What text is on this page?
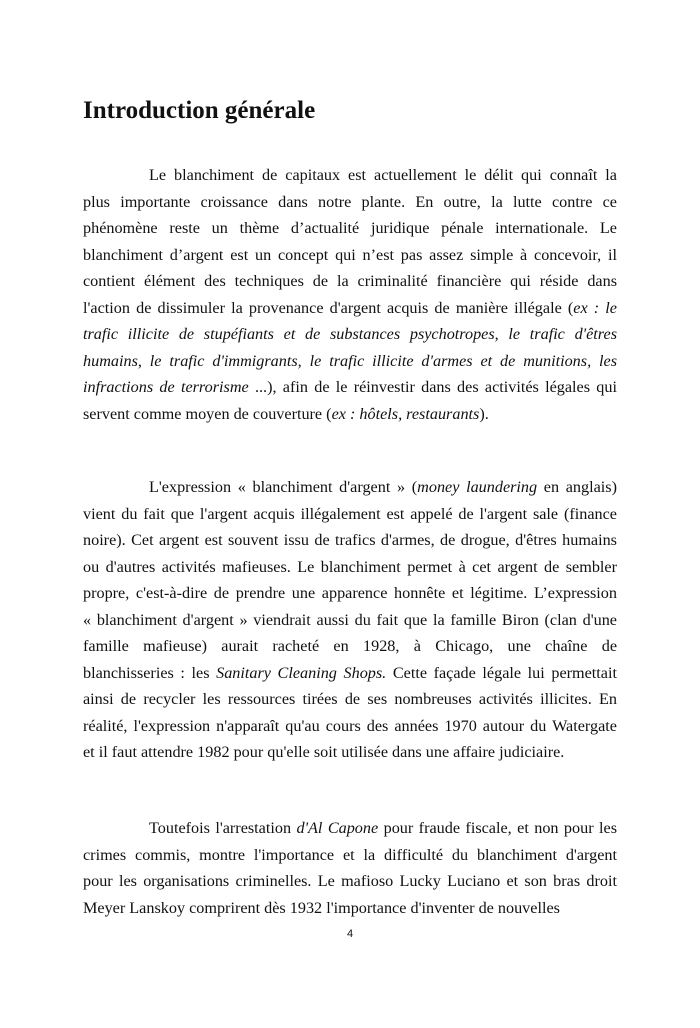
Introduction générale
Le blanchiment de capitaux est actuellement le délit qui connaît la
plus importante croissance dans notre plante. En outre, la lutte contre ce
phénomène reste un thème d’actualité juridique pénale internationale. Le
blanchiment d’argent est un concept qui n’est pas assez simple à concevoir, il
contient élément des techniques de la criminalité financière qui réside dans
l'action de dissimuler la provenance d'argent acquis de manière illégale (ex : le
trafic illicite de stupéfiants et de substances psychotropes, le trafic d'êtres
humains, le trafic d'immigrants, le trafic illicite d'armes et de munitions, les
infractions de terrorisme ...), afin de le réinvestir dans des activités légales qui
servent comme moyen de couverture (ex : hôtels, restaurants).
L'expression « blanchiment d'argent » (money laundering en anglais)
vient du fait que l'argent acquis illégalement est appelé de l'argent sale (finance
noire). Cet argent est souvent issu de trafics d'armes, de drogue, d'êtres humains
ou d'autres activités mafieuses. Le blanchiment permet à cet argent de sembler
propre, c'est-à-dire de prendre une apparence honnête et légitime. L’expression
« blanchiment d'argent » viendrait aussi du fait que la famille Biron (clan d'une
famille mafieuse) aurait racheté en 1928, à Chicago, une chaîne de
blanchisseries : les Sanitary Cleaning Shops. Cette façade légale lui permettait
ainsi de recycler les ressources tirées de ses nombreuses activités illicites. En
réalité, l'expression n'apparaît qu'au cours des années 1970 autour du Watergate
et il faut attendre 1982 pour qu'elle soit utilisée dans une affaire judiciaire.
Toutefois l'arrestation d'Al Capone pour fraude fiscale, et non pour les
crimes commis, montre l'importance et la difficulté du blanchiment d'argent
pour les organisations criminelles. Le mafioso Lucky Luciano et son bras droit
Meyer Lanskoy comprirent dès 1932 l'importance d'inventer de nouvelles
4
